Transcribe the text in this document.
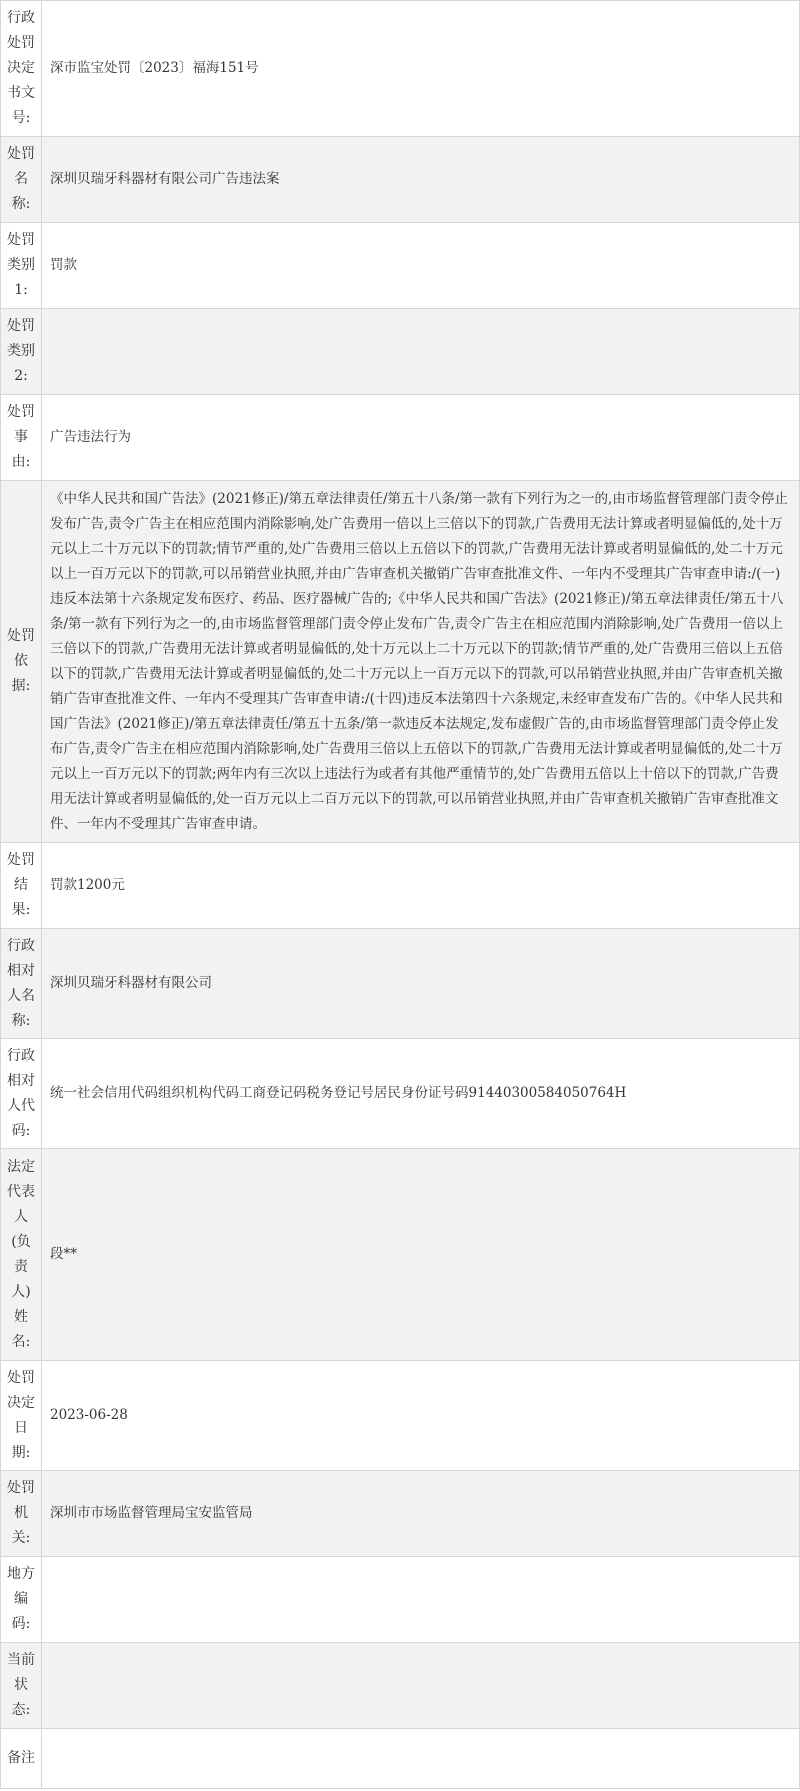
行政处罚决定书文号:	深市监宝处罚〔2023〕福海151号
处罚名称:	深圳贝瑞牙科器材有限公司广告违法案
处罚类别1:	罚款
处罚类别2:	
处罚事由:	广告违法行为
处罚依据:	《中华人民共和国广告法》(2021修正)/第五章法律责任/第五十八条/第一款有下列行为之一的,由市场监督管理部门责令停止发布广告,责令广告主在相应范围内消除影响,处广告费用一倍以上三倍以下的罚款,广告费用无法计算或者明显偏低的,处十万元以上二十万元以下的罚款;情节严重的,处广告费用三倍以上五倍以下的罚款,广告费用无法计算或者明显偏低的,处二十万元以上一百万元以下的罚款,可以吊销营业执照,并由广告审查机关撤销广告审查批准文件、一年内不受理其广告审查申请:/(一)违反本法第十六条规定发布医疗、药品、医疗器械广告的;《中华人民共和国广告法》(2021修正)/第五章法律责任/第五十八条/第一款有下列行为之一的,由市场监督管理部门责令停止发布广告,责令广告主在相应范围内消除影响,处广告费用一倍以上三倍以下的罚款,广告费用无法计算或者明显偏低的,处十万元以上二十万元以下的罚款;情节严重的,处广告费用三倍以上五倍以下的罚款,广告费用无法计算或者明显偏低的,处二十万元以上一百万元以下的罚款,可以吊销营业执照,并由广告审查机关撤销广告审查批准文件、一年内不受理其广告审查申请:/(十四)违反本法第四十六条规定,未经审查发布广告的。《中华人民共和国广告法》(2021修正)/第五章法律责任/第五十五条/第一款违反本法规定,发布虚假广告的,由市场监督管理部门责令停止发布广告,责令广告主在相应范围内消除影响,处广告费用三倍以上五倍以下的罚款,广告费用无法计算或者明显偏低的,处二十万元以上一百万元以下的罚款;两年内有三次以上违法行为或者有其他严重情节的,处广告费用五倍以上十倍以下的罚款,广告费用无法计算或者明显偏低的,处一百万元以上二百万元以下的罚款,可以吊销营业执照,并由广告审查机关撤销广告审查批准文件、一年内不受理其广告审查申请。
处罚结果:	罚款1200元
行政相对人名称:	深圳贝瑞牙科器材有限公司
行政相对人代码:	统一社会信用代码组织机构代码工商登记码税务登记号居民身份证号码91440300584050764H
法定代表人(负责人)姓名:	段**
处罚决定日期:	2023-06-28
处罚机关:	深圳市市场监督管理局宝安监管局
地方编码:	
当前状态:	
备注	
